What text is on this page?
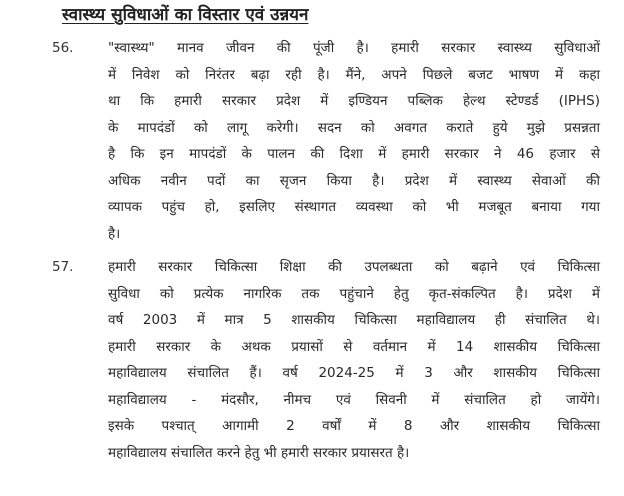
स्वास्थ्य सुविधाओं का विस्तार एवं उन्नयन
56.	"स्वास्थ्य" मानव जीवन की पूंजी है। हमारी सरकार स्वास्थ्य सुविधाओं
में निवेश को निरंतर बढ़ा रही है। मैंने, अपने पिछले बजट भाषण में कहा
था कि हमारी सरकार प्रदेश में इण्डियन पब्लिक हेल्थ स्टेण्डर्ड (IPHS)
के मापदंडों को लागू करेगी। सदन को अवगत कराते हुये मुझे प्रसन्नता
है कि इन मापदंडों के पालन की दिशा में हमारी सरकार ने 46 हजार से
अधिक नवीन पदों का सृजन किया है। प्रदेश में स्वास्थ्य सेवाओं की
व्यापक पहुंच हो, इसलिए संस्थागत व्यवस्था को भी मजबूत बनाया गया
है।
57.	हमारी सरकार चिकित्सा शिक्षा की उपलब्धता को बढ़ाने एवं चिकित्सा
सुविधा को प्रत्येक नागरिक तक पहुंचाने हेतु कृत-संकल्पित है। प्रदेश में
वर्ष 2003 में मात्र 5 शासकीय चिकित्सा महाविद्यालय ही संचालित थे।
हमारी सरकार के अथक प्रयासों से वर्तमान में 14 शासकीय चिकित्सा
महाविद्यालय संचालित हैं। वर्ष 2024-25 में 3 और शासकीय चिकित्सा
महाविद्यालय - मंदसौर, नीमच एवं सिवनी में संचालित हो जायेंगे।
इसके पश्चात् आगामी 2 वर्षों में 8 और शासकीय चिकित्सा
महाविद्यालय संचालित करने हेतु भी हमारी सरकार प्रयासरत है।
